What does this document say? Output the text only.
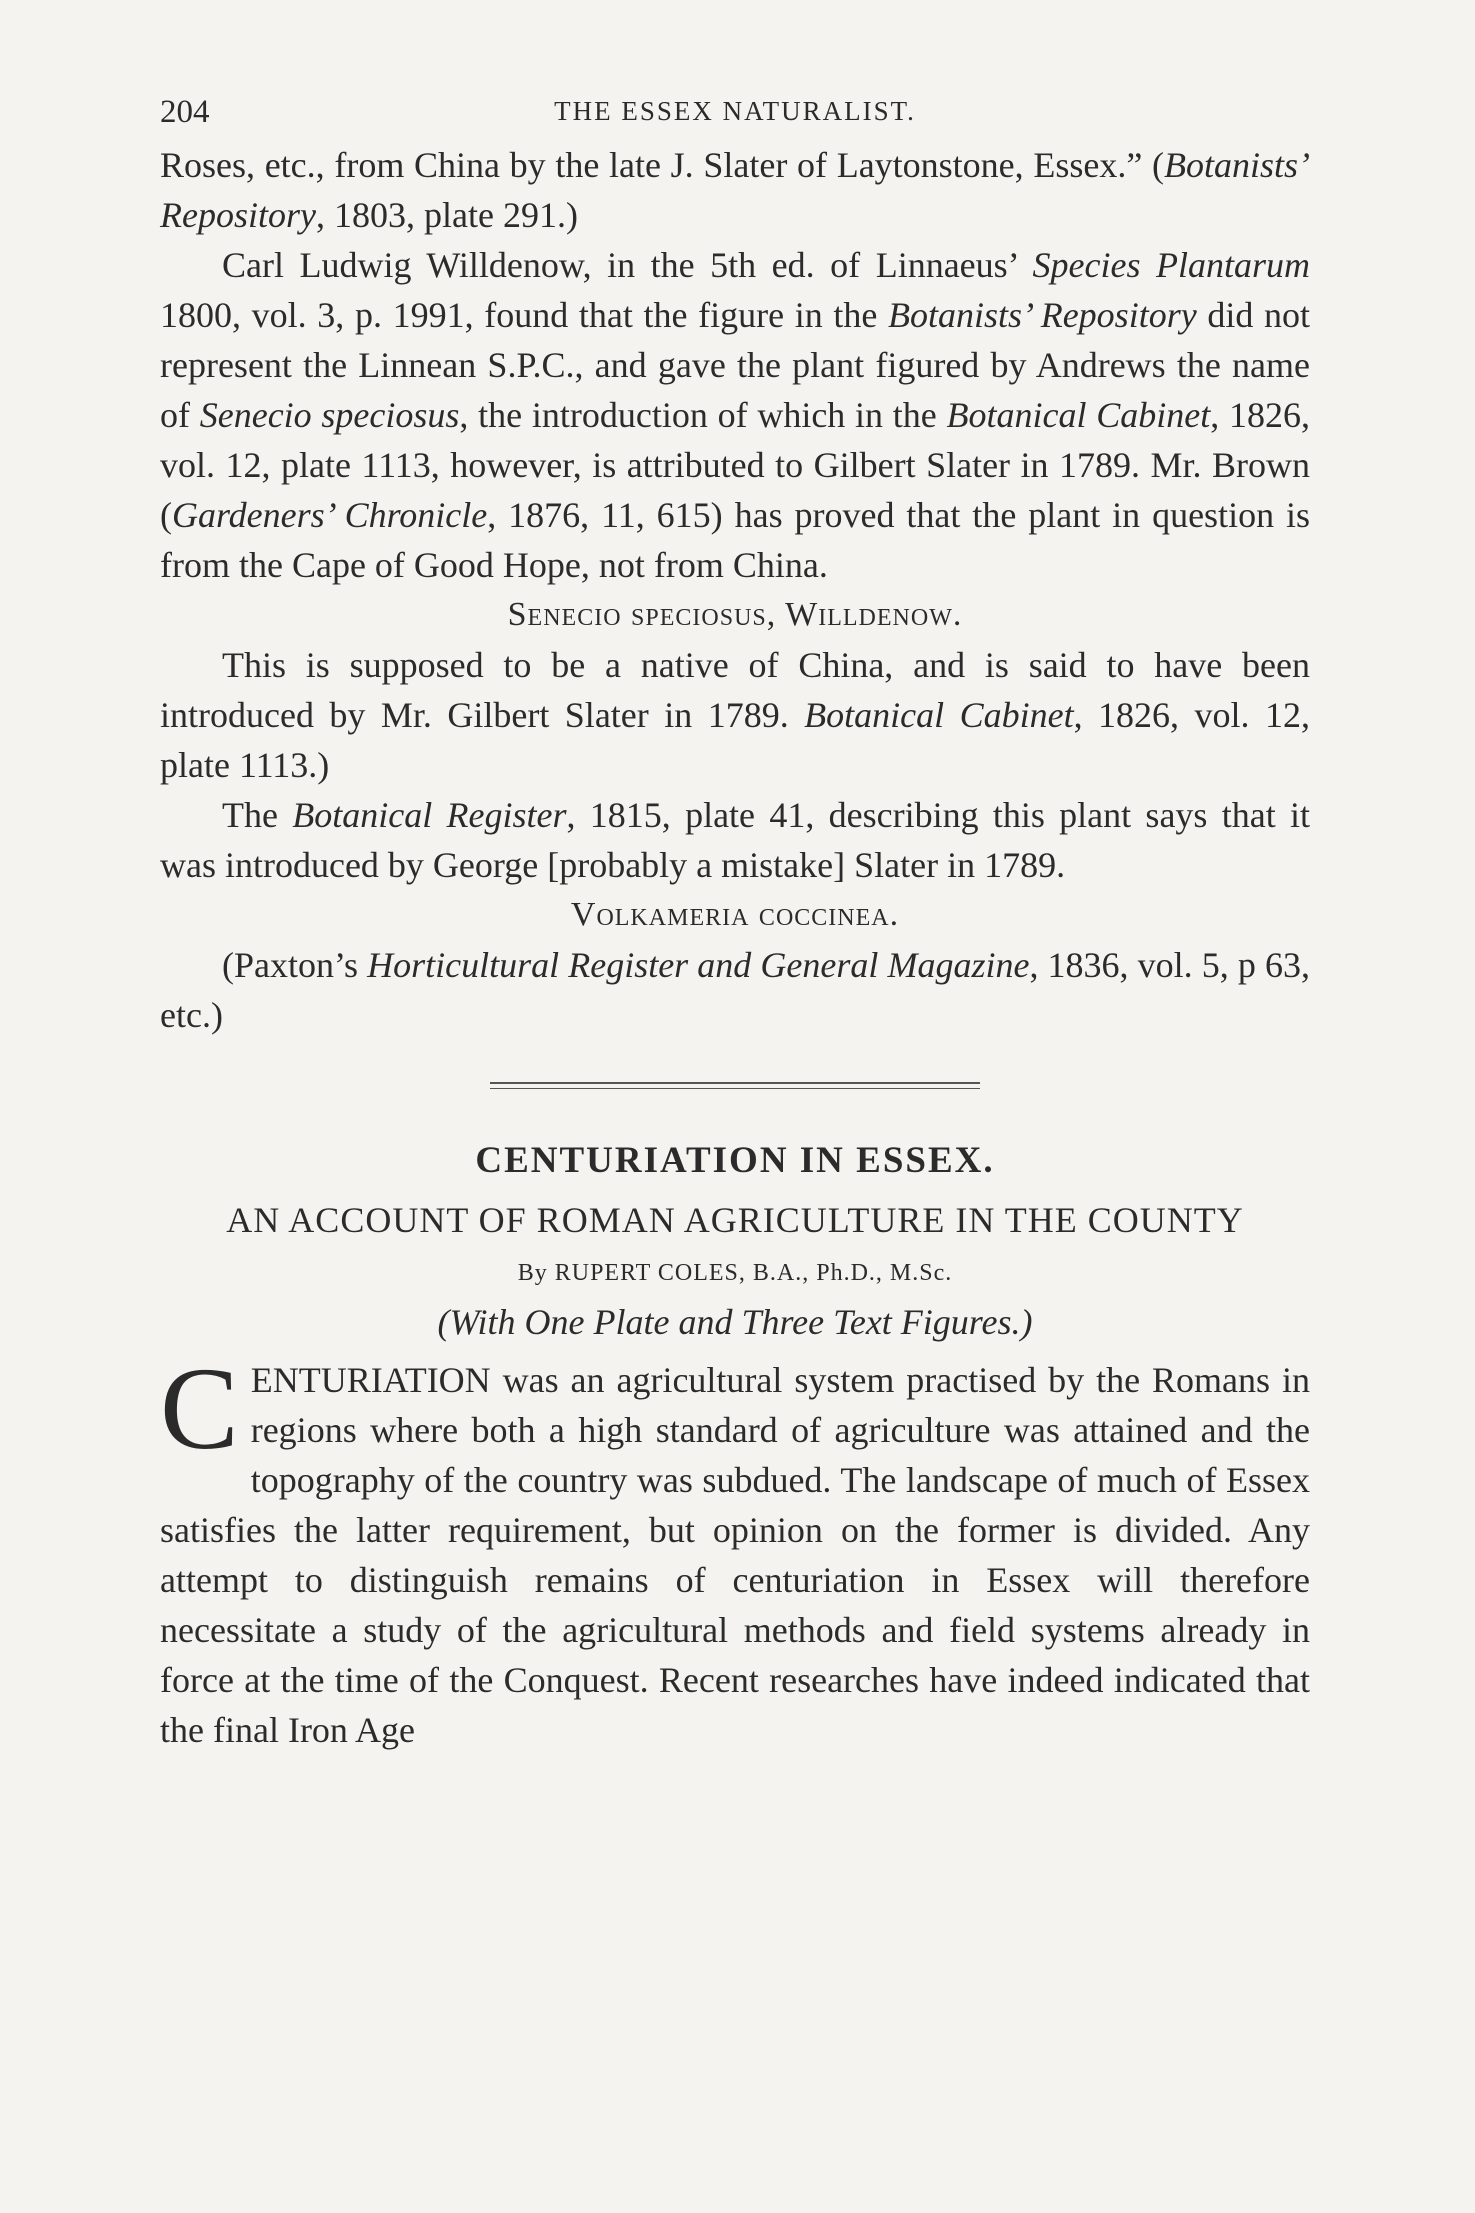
204	THE ESSEX NATURALIST.

Roses, etc., from China by the late J. Slater of Laytonstone, Essex.” (Botanists’ Repository, 1803, plate 291.)

Carl Ludwig Willdenow, in the 5th ed. of Linnaeus’ Species Plantarum 1800, vol. 3, p. 1991, found that the figure in the Botanists’ Repository did not represent the Linnean S.P.C., and gave the plant figured by Andrews the name of Senecio speciosus, the introduction of which in the Botanical Cabinet, 1826, vol. 12, plate 1113, however, is attributed to Gilbert Slater in 1789. Mr. Brown (Gardeners’ Chronicle, 1876, 11, 615) has proved that the plant in question is from the Cape of Good Hope, not from China.

Senecio speciosus, Willdenow.

This is supposed to be a native of China, and is said to have been introduced by Mr. Gilbert Slater in 1789. Botanical Cabinet, 1826, vol. 12, plate 1113.)

The Botanical Register, 1815, plate 41, describing this plant says that it was introduced by George [probably a mistake] Slater in 1789.

Volkameria coccinea.

(Paxton’s Horticultural Register and General Magazine, 1836, vol. 5, p 63, etc.)

CENTURIATION IN ESSEX.
AN ACCOUNT OF ROMAN AGRICULTURE IN THE COUNTY
By RUPERT COLES, B.A., Ph.D., M.Sc.
(With One Plate and Three Text Figures.)

CENTURIATION was an agricultural system practised by the Romans in regions where both a high standard of agriculture was attained and the topography of the country was subdued. The landscape of much of Essex satisfies the latter requirement, but opinion on the former is divided. Any attempt to distinguish remains of centuriation in Essex will therefore necessitate a study of the agricultural methods and field systems already in force at the time of the Conquest. Recent researches have indeed indicated that the final Iron Age
